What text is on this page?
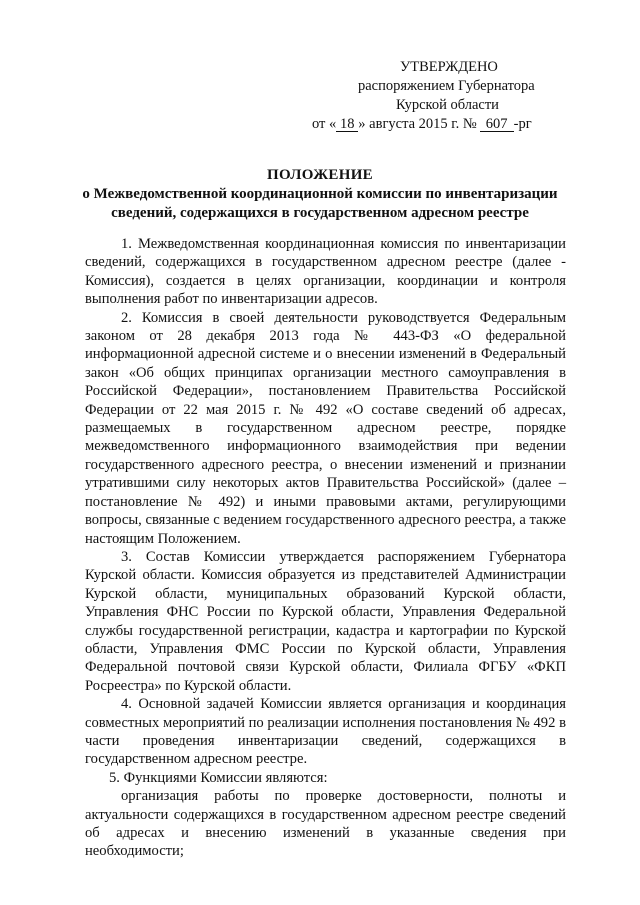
УТВЕРЖДЕНО
распоряжением Губернатора
Курской области
от « 18 » августа 2015 г. № 607 -рг
ПОЛОЖЕНИЕ
о Межведомственной координационной комиссии по инвентаризации
сведений, содержащихся в государственном адресном реестре

1. Межведомственная координационная комиссия по инвентаризации сведений, содержащихся в государственном адресном реестре (далее - Комиссия), создается в целях организации, координации и контроля выполнения работ по инвентаризации адресов.

2. Комиссия в своей деятельности руководствуется Федеральным законом от 28 декабря 2013 года № 443-ФЗ «О федеральной информационной адресной системе и о внесении изменений в Федеральный закон «Об общих принципах организации местного самоуправления в Российской Федерации», постановлением Правительства Российской Федерации от 22 мая 2015 г. № 492 «О составе сведений об адресах, размещаемых в государственном адресном реестре, порядке межведомственного информационного взаимодействия при ведении государственного адресного реестра, о внесении изменений и признании утратившими силу некоторых актов Правительства Российской» (далее – постановление № 492) и иными правовыми актами, регулирующими вопросы, связанные с ведением государственного адресного реестра, а также настоящим Положением.

3. Состав Комиссии утверждается распоряжением Губернатора Курской области. Комиссия образуется из представителей Администрации Курской области, муниципальных образований Курской области, Управления ФНС России по Курской области, Управления Федеральной службы государственной регистрации, кадастра и картографии по Курской области, Управления ФМС России по Курской области, Управления Федеральной почтовой связи Курской области, Филиала ФГБУ «ФКП Росреестра» по Курской области.

4. Основной задачей Комиссии является организация и координация совместных мероприятий по реализации исполнения постановления № 492 в части проведения инвентаризации сведений, содержащихся в государственном адресном реестре.

5. Функциями Комиссии являются:

организация работы по проверке достоверности, полноты и актуальности содержащихся в государственном адресном реестре сведений об адресах и внесению изменений в указанные сведения при необходимости;
